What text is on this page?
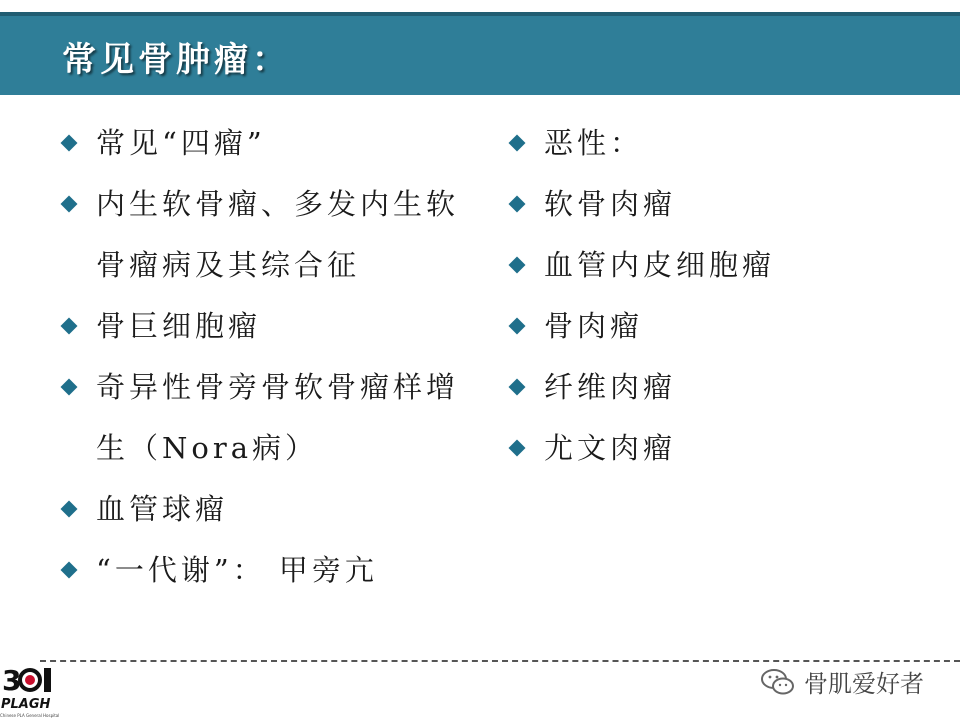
常见骨肿瘤：
常见“四瘤”
内生软骨瘤、多发内生软骨瘤病及其综合征
骨巨细胞瘤
奇异性骨旁骨软骨瘤样增生（Nora病）
血管球瘤
“一代谢”： 甲旁亢
恶性：
软骨肉瘤
血管内皮细胞瘤
骨肉瘤
纤维肉瘤
尤文肉瘤
3
PLAGH
Chinese PLA General Hospital
骨肌爱好者
